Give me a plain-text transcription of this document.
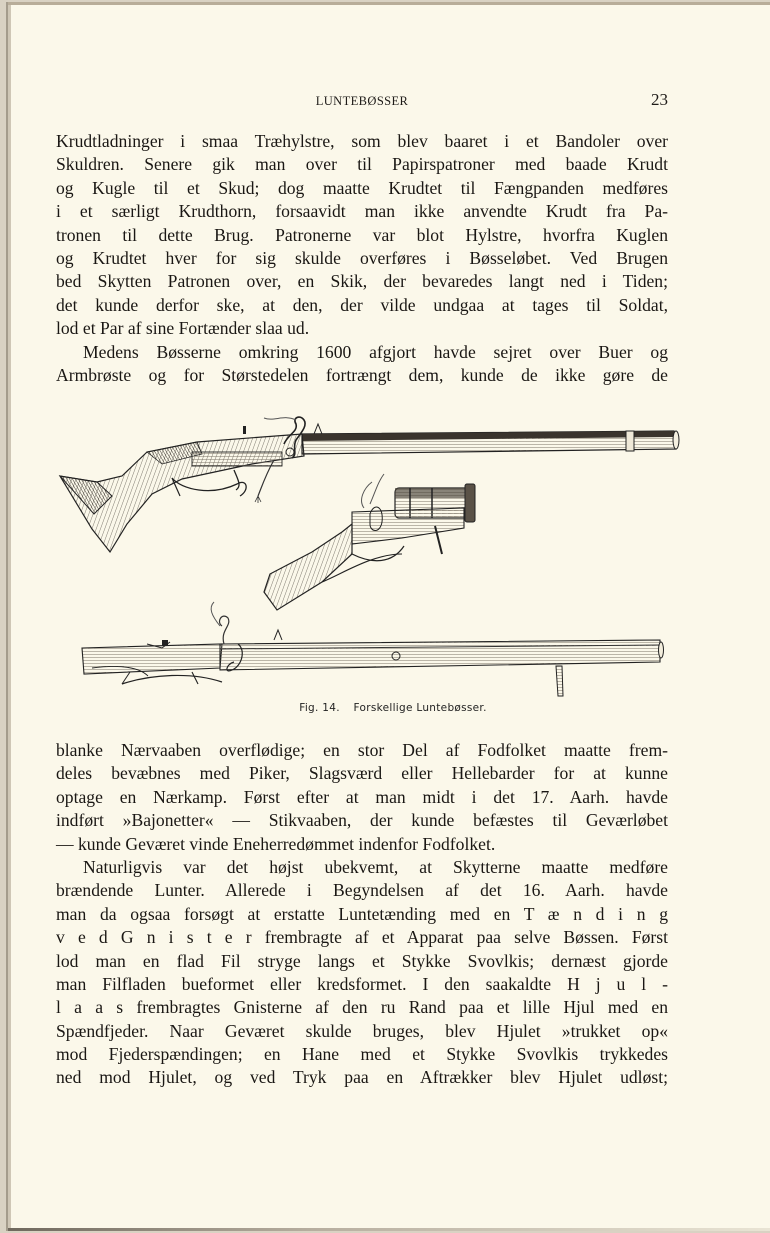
LUNTEBØSSER	23
Krudtladninger i smaa Træhylstre, som blev baaret i et Bandoler over
Skuldren. Senere gik man over til Papirspatroner med baade Krudt
og Kugle til et Skud; dog maatte Krudtet til Fængpanden medføres
i et særligt Krudthorn, forsaavidt man ikke anvendte Krudt fra Pa-
tronen til dette Brug. Patronerne var blot Hylstre, hvorfra Kuglen
og Krudtet hver for sig skulde overføres i Bøsseløbet. Ved Brugen
bed Skytten Patronen over, en Skik, der bevaredes langt ned i Tiden;
det kunde derfor ske, at den, der vilde undgaa at tages til Soldat,
lod et Par af sine Fortænder slaa ud.
Medens Bøsserne omkring 1600 afgjort havde sejret over Buer og
Armbrøste og for Størstedelen fortrængt dem, kunde de ikke gøre de
Fig. 14. Forskellige Luntebøsser.
blanke Nærvaaben overflødige; en stor Del af Fodfolket maatte frem-
deles bevæbnes med Piker, Slagsværd eller Hellebarder for at kunne
optage en Nærkamp. Først efter at man midt i det 17. Aarh. havde
indført »Bajonetter« — Stikvaaben, der kunde befæstes til Geværløbet
— kunde Geværet vinde Eneherredømmet indenfor Fodfolket.
Naturligvis var det højst ubekvemt, at Skytterne maatte medføre
brændende Lunter. Allerede i Begyndelsen af det 16. Aarh. havde
man da ogsaa forsøgt at erstatte Luntetænding med en T æ n d i n g
v e d G n i s t e r frembragte af et Apparat paa selve Bøssen. Først
lod man en flad Fil stryge langs et Stykke Svovlkis; dernæst gjorde
man Filfladen bueformet eller kredsformet. I den saakaldte H j u l -
l a a s frembragtes Gnisterne af den ru Rand paa et lille Hjul med en
Spændfjeder. Naar Geværet skulde bruges, blev Hjulet »trukket op«
mod Fjederspændingen; en Hane med et Stykke Svovlkis trykkedes
ned mod Hjulet, og ved Tryk paa en Aftrækker blev Hjulet udløst;
